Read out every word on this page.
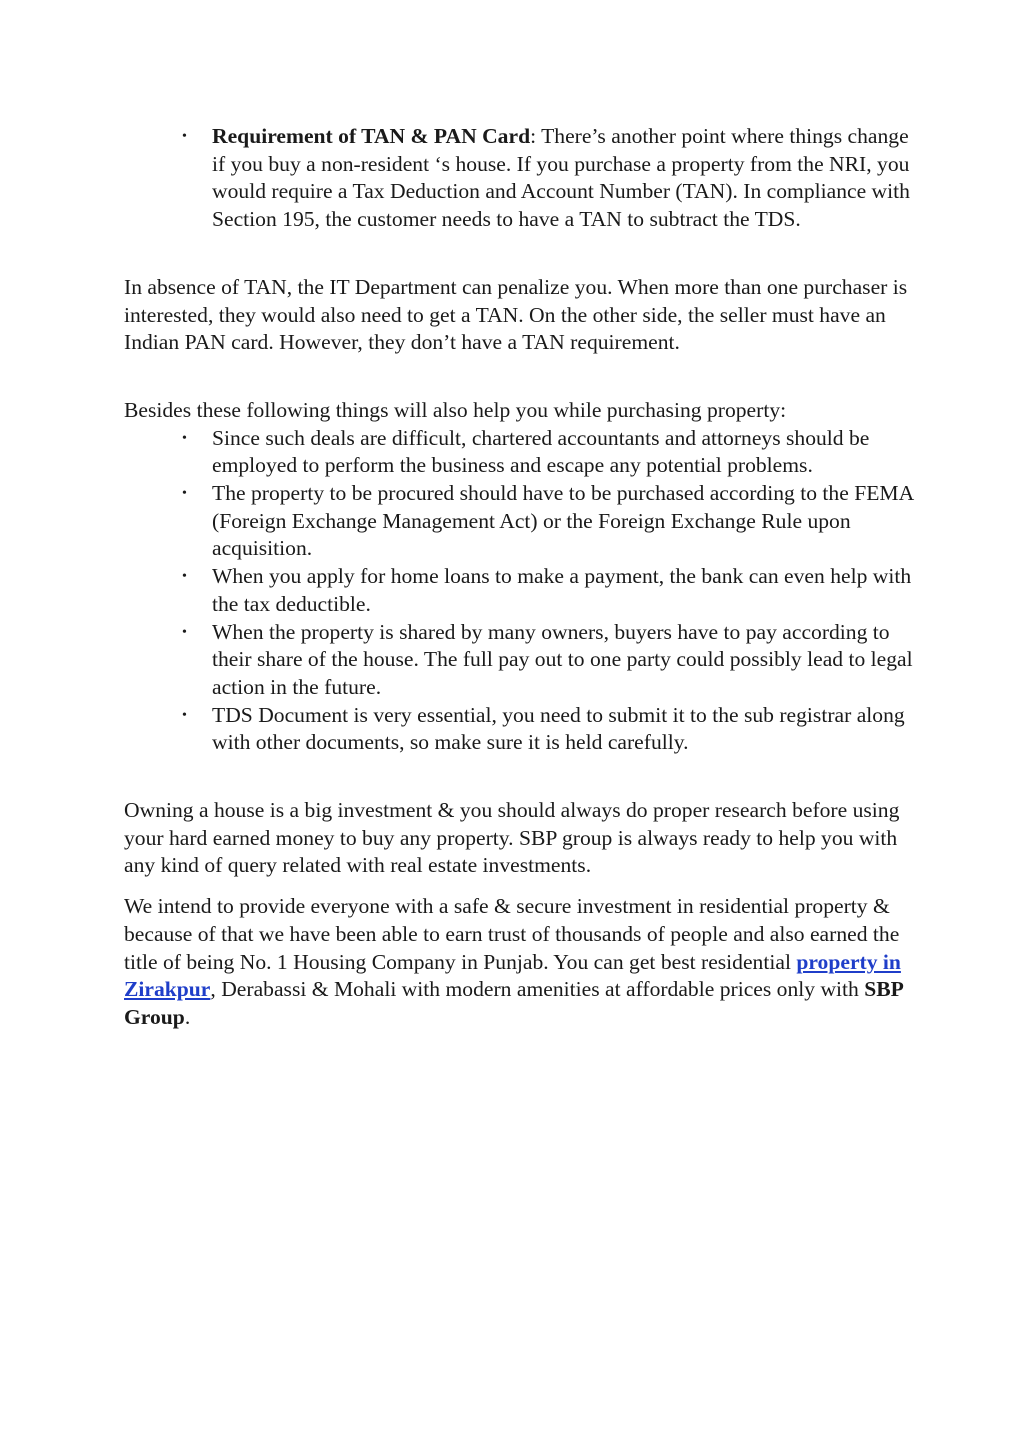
• Requirement of TAN & PAN Card: There’s another point where things change if you buy a non-resident ‘s house. If you purchase a property from the NRI, you would require a Tax Deduction and Account Number (TAN). In compliance with Section 195, the customer needs to have a TAN to subtract the TDS.

In absence of TAN, the IT Department can penalize you. When more than one purchaser is interested, they would also need to get a TAN. On the other side, the seller must have an Indian PAN card. However, they don’t have a TAN requirement.

Besides these following things will also help you while purchasing property:

• Since such deals are difficult, chartered accountants and attorneys should be employed to perform the business and escape any potential problems.
• The property to be procured should have to be purchased according to the FEMA (Foreign Exchange Management Act) or the Foreign Exchange Rule upon acquisition.
• When you apply for home loans to make a payment, the bank can even help with the tax deductible.
• When the property is shared by many owners, buyers have to pay according to their share of the house. The full pay out to one party could possibly lead to legal action in the future.
• TDS Document is very essential, you need to submit it to the sub registrar along with other documents, so make sure it is held carefully.

Owning a house is a big investment & you should always do proper research before using your hard earned money to buy any property. SBP group is always ready to help you with any kind of query related with real estate investments.

We intend to provide everyone with a safe & secure investment in residential property & because of that we have been able to earn trust of thousands of people and also earned the title of being No. 1 Housing Company in Punjab. You can get best residential property in Zirakpur, Derabassi & Mohali with modern amenities at affordable prices only with SBP Group.
